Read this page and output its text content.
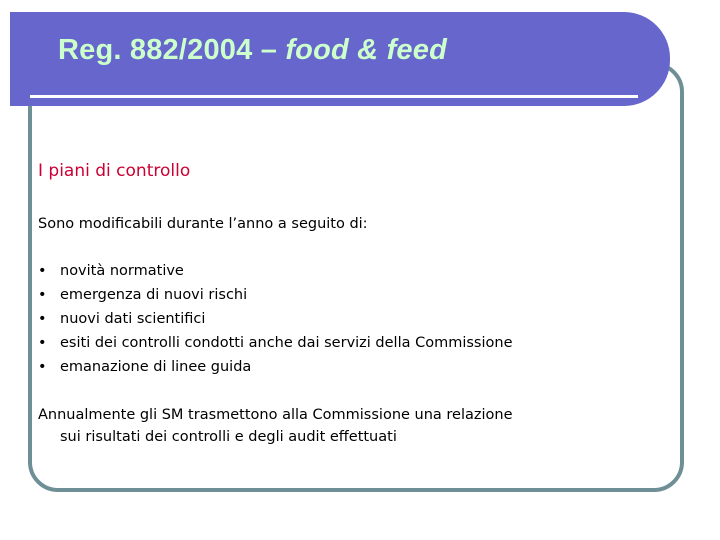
Reg. 882/2004 – food & feed

I piani di controllo

Sono modificabili durante l’anno a seguito di:

• novità normative
• emergenza di nuovi rischi
• nuovi dati scientifici
• esiti dei controlli condotti anche dai servizi della Commissione
• emanazione di linee guida
Annualmente gli SM trasmettono alla Commissione una relazione
sui risultati dei controlli e degli audit effettuati
